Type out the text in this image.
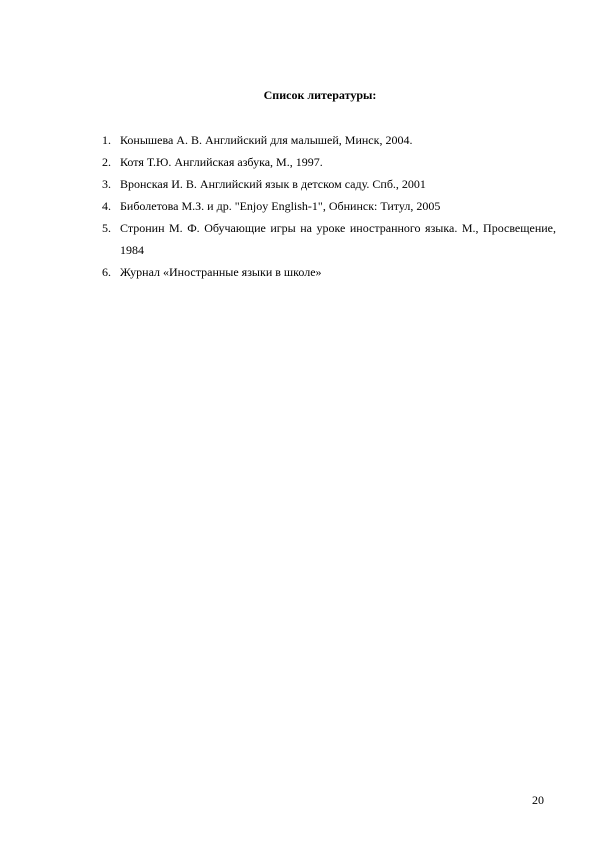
Список литературы:
1. Конышева А. В. Английский для малышей, Минск, 2004.
2. Котя Т.Ю. Английская азбука, М., 1997.
3. Вронская И. В. Английский язык в детском саду. Спб., 2001
4. Биболетова М.З. и др. "Enjoy English-1", Обнинск: Титул, 2005
5. Стронин М. Ф. Обучающие игры на уроке иностранного языка. М., Просвещение, 1984
6. Журнал «Иностранные языки в школе»
20
